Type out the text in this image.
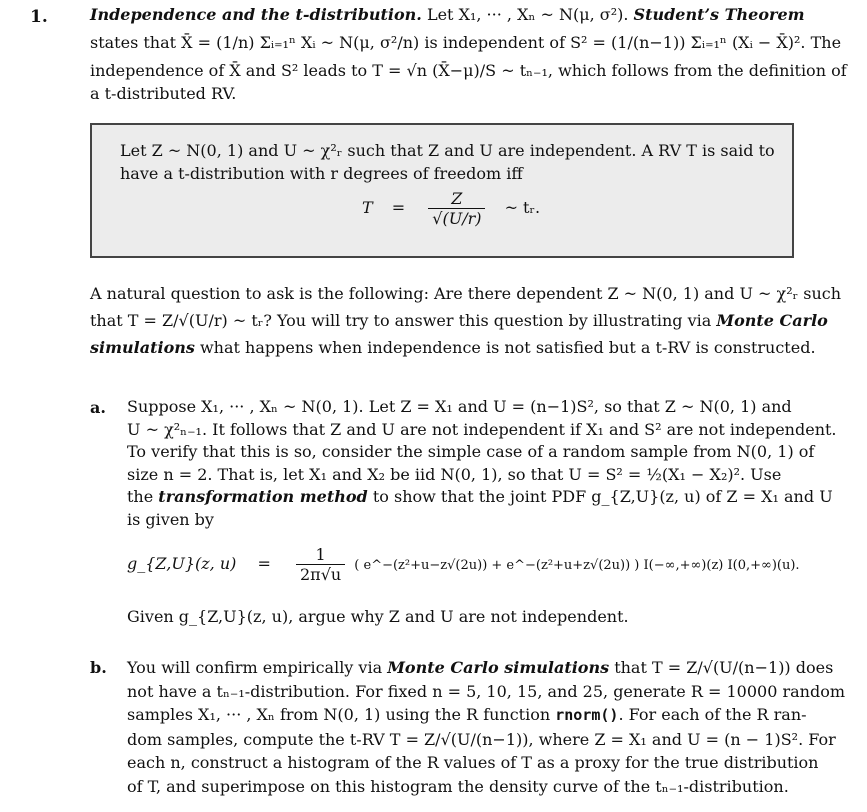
1.	Independence and the t-distribution. Let X₁, ··· , Xₙ ~ N(μ, σ²). Student’s Theorem
states that X̄ = (1/n) Σᵢ₌₁ⁿ Xᵢ ~ N(μ, σ²/n) is independent of S² = (1/(n−1)) Σᵢ₌₁ⁿ (Xᵢ − X̄)². The
independence of X̄ and S² leads to T = √n (X̄−μ)/S ~ tₙ₋₁, which follows from the definition of
a t-distributed RV.
Let Z ~ N(0, 1) and U ~ χ²ᵣ such that Z and U are independent. A RV T is said to
have a t-distribution with r degrees of freedom iff
$T = \frac{Z}{√(U/r)}$ ~ tᵣ.
A natural question to ask is the following: Are there dependent Z ~ N(0, 1) and U ~ χ²ᵣ such
that T = Z/√(U/r) ~ tᵣ? You will try to answer this question by illustrating via Monte Carlo
simulations what happens when independence is not satisfied but a t-RV is constructed.
a. Suppose X₁, ··· , Xₙ ~ N(0, 1). Let Z = X₁ and U = (n−1)S², so that Z ~ N(0, 1) and
U ~ χ²ₙ₋₁. It follows that Z and U are not independent if X₁ and S² are not independent.
To verify that this is so, consider the simple case of a random sample from N(0, 1) of
size n = 2. That is, let X₁ and X₂ be iid N(0, 1), so that U = S² = ½(X₁ − X₂)². Use
the transformation method to show that the joint PDF g_{Z,U}(z, u) of Z = X₁ and U
is given by
g_{Z,U}(z, $u) = \frac{1}{2\pi√u}$ ( e^−(z²+u−z√(2u)) + e^−(z²+u+z√(2u)) ) I(−∞,+∞)(z) I(0,+∞)(u).
Given g_{Z,U}(z, u), argue why Z and U are not independent.
b. You will confirm empirically via Monte Carlo simulations that T = Z/√(U/(n−1)) does
not have a tₙ₋₁-distribution. For fixed n = 5, 10, 15, and 25, generate R = 10000 random
samples X₁, ··· , Xₙ from N(0, 1) using the R function rnorm(). For each of the R ran-
dom samples, compute the t-RV T = Z/√(U/(n−1)), where Z = X₁ and U = (n − 1)S². For
each n, construct a histogram of the R values of T as a proxy for the true distribution
of T, and superimpose on this histogram the density curve of the tₙ₋₁-distribution.
